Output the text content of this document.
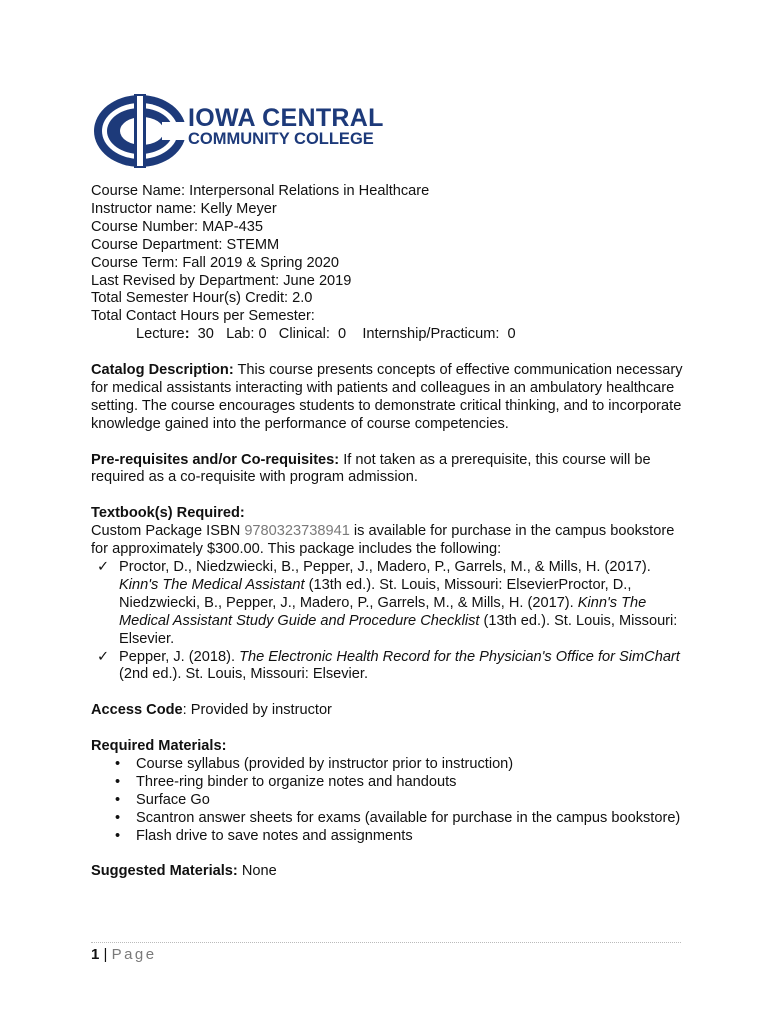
IOWA CENTRAL
COMMUNITY COLLEGE
Course Name: Interpersonal Relations in Healthcare
Instructor name: Kelly Meyer
Course Number: MAP-435
Course Department: STEMM
Course Term: Fall 2019 & Spring 2020
Last Revised by Department: June 2019
Total Semester Hour(s) Credit: 2.0
Total Contact Hours per Semester:
Lecture:  30   Lab: 0   Clinical:  0    Internship/Practicum:  0
Catalog Description: This course presents concepts of effective communication necessary for medical assistants interacting with patients and colleagues in an ambulatory healthcare setting. The course encourages students to demonstrate critical thinking, and to incorporate knowledge gained into the performance of course competencies.
Pre-requisites and/or Co-requisites: If not taken as a prerequisite, this course will be required as a co-requisite with program admission.
Textbook(s) Required:
Custom Package ISBN 9780323738941 is available for purchase in the campus bookstore for approximately $300.00. This package includes the following:
✓ Proctor, D., Niedzwiecki, B., Pepper, J., Madero, P., Garrels, M., & Mills, H. (2017). Kinn's The Medical Assistant (13th ed.). St. Louis, Missouri: ElsevierProctor, D., Niedzwiecki, B., Pepper, J., Madero, P., Garrels, M., & Mills, H. (2017). Kinn's The Medical Assistant Study Guide and Procedure Checklist (13th ed.). St. Louis, Missouri: Elsevier.
✓ Pepper, J. (2018). The Electronic Health Record for the Physician's Office for SimChart (2nd ed.). St. Louis, Missouri: Elsevier.
Access Code: Provided by instructor
Required Materials:
• Course syllabus (provided by instructor prior to instruction)
• Three-ring binder to organize notes and handouts
• Surface Go
• Scantron answer sheets for exams (available for purchase in the campus bookstore)
• Flash drive to save notes and assignments
Suggested Materials: None
1 | Page
